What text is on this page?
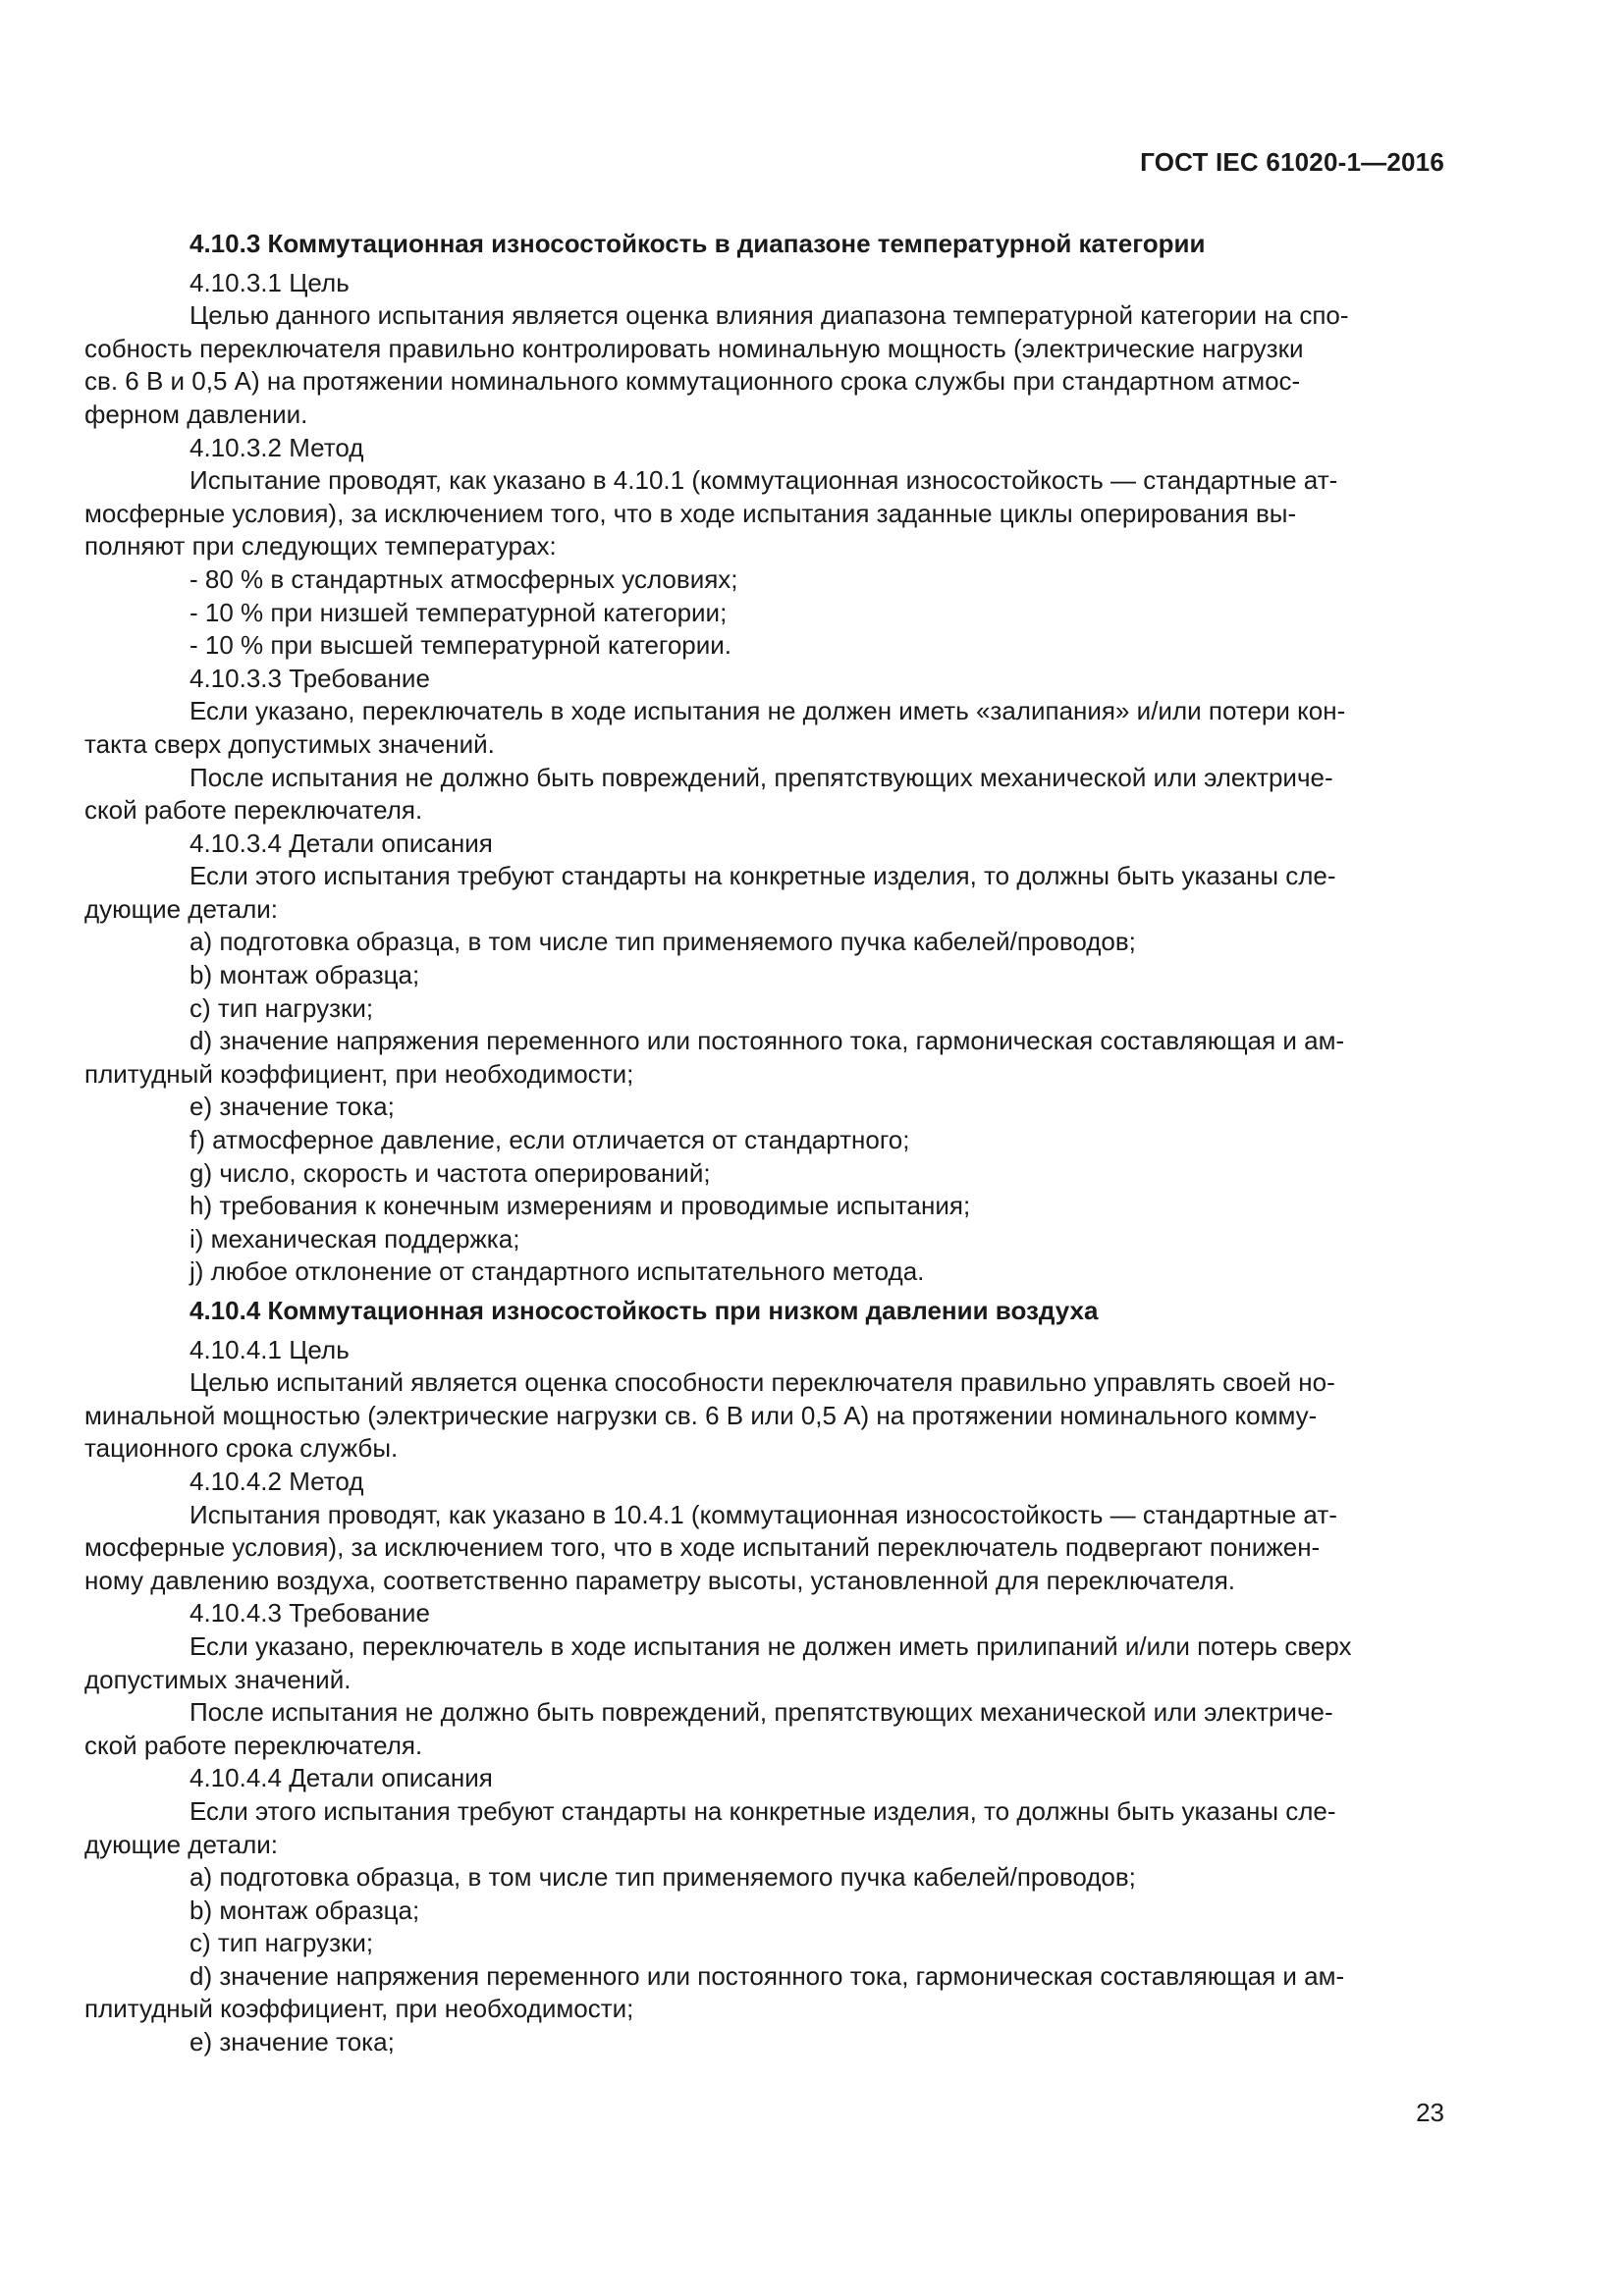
ГОСТ IEC 61020-1—2016
4.10.3 Коммутационная износостойкость в диапазоне температурной категории
4.10.3.1 Цель
Целью данного испытания является оценка влияния диапазона температурной категории на спо-
собность переключателя правильно контролировать номинальную мощность (электрические нагрузки
св. 6 В и 0,5 А) на протяжении номинального коммутационного срока службы при стандартном атмос-
ферном давлении.
4.10.3.2 Метод
Испытание проводят, как указано в 4.10.1 (коммутационная износостойкость — стандартные ат-
мосферные условия), за исключением того, что в ходе испытания заданные циклы оперирования вы-
полняют при следующих температурах:
- 80 % в стандартных атмосферных условиях;
- 10 % при низшей температурной категории;
- 10 % при высшей температурной категории.
4.10.3.3 Требование
Если указано, переключатель в ходе испытания не должен иметь «залипания» и/или потери кон-
такта сверх допустимых значений.
После испытания не должно быть повреждений, препятствующих механической или электриче-
ской работе переключателя.
4.10.3.4 Детали описания
Если этого испытания требуют стандарты на конкретные изделия, то должны быть указаны сле-
дующие детали:
а) подготовка образца, в том числе тип применяемого пучка кабелей/проводов;
b) монтаж образца;
с) тип нагрузки;
d) значение напряжения переменного или постоянного тока, гармоническая составляющая и ам-
плитудный коэффициент, при необходимости;
е) значение тока;
f) атмосферное давление, если отличается от стандартного;
g) число, скорость и частота оперирований;
h) требования к конечным измерениям и проводимые испытания;
i) механическая поддержка;
j) любое отклонение от стандартного испытательного метода.
4.10.4 Коммутационная износостойкость при низком давлении воздуха
4.10.4.1 Цель
Целью испытаний является оценка способности переключателя правильно управлять своей но-
минальной мощностью (электрические нагрузки св. 6 В или 0,5 А) на протяжении номинального комму-
тационного срока службы.
4.10.4.2 Метод
Испытания проводят, как указано в 10.4.1 (коммутационная износостойкость — стандартные ат-
мосферные условия), за исключением того, что в ходе испытаний переключатель подвергают понижен-
ному давлению воздуха, соответственно параметру высоты, установленной для переключателя.
4.10.4.3 Требование
Если указано, переключатель в ходе испытания не должен иметь прилипаний и/или потерь сверх
допустимых значений.
После испытания не должно быть повреждений, препятствующих механической или электриче-
ской работе переключателя.
4.10.4.4 Детали описания
Если этого испытания требуют стандарты на конкретные изделия, то должны быть указаны сле-
дующие детали:
а) подготовка образца, в том числе тип применяемого пучка кабелей/проводов;
b) монтаж образца;
с) тип нагрузки;
d) значение напряжения переменного или постоянного тока, гармоническая составляющая и ам-
плитудный коэффициент, при необходимости;
е) значение тока;
23
